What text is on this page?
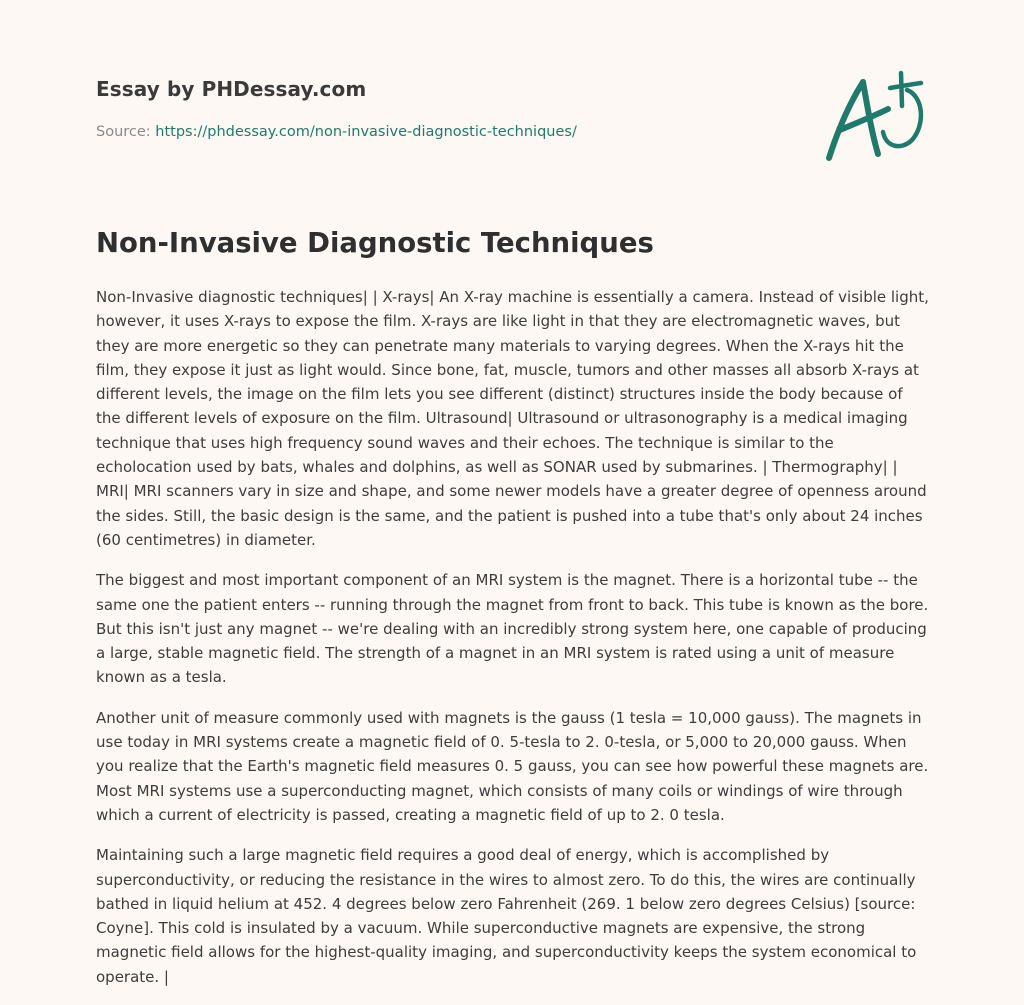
Essay by PHDessay.com
Source: https://phdessay.com/non-invasive-diagnostic-techniques/
Non-Invasive Diagnostic Techniques

Non-Invasive diagnostic techniques| | X-rays| An X-ray machine is essentially a camera. Instead of visible light, however, it uses X-rays to expose the film. X-rays are like light in that they are electromagnetic waves, but they are more energetic so they can penetrate many materials to varying degrees. When the X-rays hit the film, they expose it just as light would. Since bone, fat, muscle, tumors and other masses all absorb X-rays at different levels, the image on the film lets you see different (distinct) structures inside the body because of the different levels of exposure on the film. Ultrasound| Ultrasound or ultrasonography is a medical imaging technique that uses high frequency sound waves and their echoes. The technique is similar to the echolocation used by bats, whales and dolphins, as well as SONAR used by submarines. | Thermography| | MRI| MRI scanners vary in size and shape, and some newer models have a greater degree of openness around the sides. Still, the basic design is the same, and the patient is pushed into a tube that's only about 24 inches (60 centimetres) in diameter.

The biggest and most important component of an MRI system is the magnet. There is a horizontal tube -- the same one the patient enters -- running through the magnet from front to back. This tube is known as the bore. But this isn't just any magnet -- we're dealing with an incredibly strong system here, one capable of producing a large, stable magnetic field. The strength of a magnet in an MRI system is rated using a unit of measure known as a tesla.

Another unit of measure commonly used with magnets is the gauss (1 tesla = 10,000 gauss). The magnets in use today in MRI systems create a magnetic field of 0. 5-tesla to 2. 0-tesla, or 5,000 to 20,000 gauss. When you realize that the Earth's magnetic field measures 0. 5 gauss, you can see how powerful these magnets are. Most MRI systems use a superconducting magnet, which consists of many coils or windings of wire through which a current of electricity is passed, creating a magnetic field of up to 2. 0 tesla.

Maintaining such a large magnetic field requires a good deal of energy, which is accomplished by superconductivity, or reducing the resistance in the wires to almost zero. To do this, the wires are continually bathed in liquid helium at 452. 4 degrees below zero Fahrenheit (269. 1 below zero degrees Celsius) [source: Coyne]. This cold is insulated by a vacuum. While superconductive magnets are expensive, the strong magnetic field allows for the highest-quality imaging, and superconductivity keeps the system economical to operate. |
